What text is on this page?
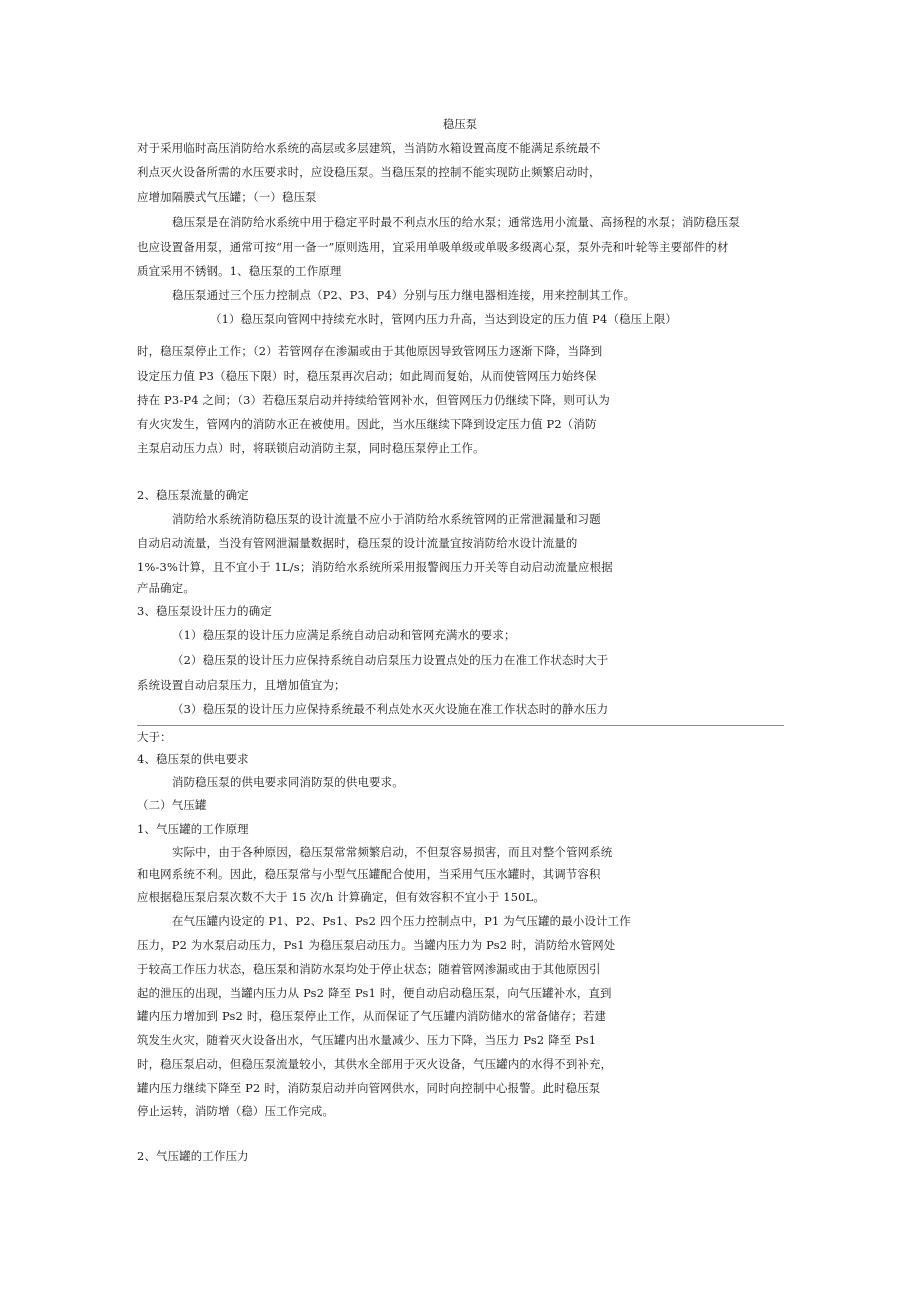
稳压泵
对于采用临时高压消防给水系统的高层或多层建筑，当消防水箱设置高度不能满足系统最不
利点灭火设备所需的水压要求时，应设稳压泵。当稳压泵的控制不能实现防止频繁启动时，
应增加隔膜式气压罐；（一）稳压泵
稳压泵是在消防给水系统中用于稳定平时最不利点水压的给水泵；通常选用小流量、高扬程的水泵；消防稳压泵
也应设置备用泵，通常可按“用一备一”原则选用，宜采用单吸单级或单吸多级离心泵，泵外壳和叶轮等主要部件的材
质宜采用不锈钢。1、稳压泵的工作原理
稳压泵通过三个压力控制点（P2、P3、P4）分别与压力继电器相连接，用来控制其工作。
（1）稳压泵向管网中持续充水时，管网内压力升高，当达到设定的压力值 P4（稳压上限）
时，稳压泵停止工作；（2）若管网存在渗漏或由于其他原因导致管网压力逐渐下降，当降到
设定压力值 P3（稳压下限）时，稳压泵再次启动；如此周而复始，从而使管网压力始终保
持在 P3-P4 之间；（3）若稳压泵启动并持续给管网补水，但管网压力仍继续下降，则可认为
有火灾发生，管网内的消防水正在被使用。因此，当水压继续下降到设定压力值 P2（消防
主泵启动压力点）时，将联锁启动消防主泵，同时稳压泵停止工作。
2、稳压泵流量的确定
消防给水系统消防稳压泵的设计流量不应小于消防给水系统管网的正常泄漏量和习题
自动启动流量，当没有管网泄漏量数据时，稳压泵的设计流量宜按消防给水设计流量的
1%-3%计算，且不宜小于 1L/s；消防给水系统所采用报警阀压力开关等自动启动流量应根据
产品确定。
3、稳压泵设计压力的确定
（1）稳压泵的设计压力应满足系统自动启动和管网充满水的要求；
（2）稳压泵的设计压力应保持系统自动启泵压力设置点处的压力在准工作状态时大于
系统设置自动启泵压力，且增加值宜为；
（3）稳压泵的设计压力应保持系统最不利点处水灭火设施在准工作状态时的静水压力
大于：
4、稳压泵的供电要求
消防稳压泵的供电要求同消防泵的供电要求。
（二）气压罐
1、气压罐的工作原理
实际中，由于各种原因，稳压泵常常频繁启动，不但泵容易损害，而且对整个管网系统
和电网系统不利。因此，稳压泵常与小型气压罐配合使用，当采用气压水罐时，其调节容积
应根据稳压泵启泵次数不大于 15 次/h 计算确定，但有效容积不宜小于 150L。
在气压罐内设定的 P1、P2、Ps1、Ps2 四个压力控制点中，P1 为气压罐的最小设计工作
压力，P2 为水泵启动压力，Ps1 为稳压泵启动压力。当罐内压力为 Ps2 时，消防给水管网处
于较高工作压力状态，稳压泵和消防水泵均处于停止状态；随着管网渗漏或由于其他原因引
起的泄压的出现，当罐内压力从 Ps2 降至 Ps1 时，便自动启动稳压泵，向气压罐补水，直到
罐内压力增加到 Ps2 时，稳压泵停止工作，从而保证了气压罐内消防储水的常备储存；若建
筑发生火灾，随着灭火设备出水，气压罐内出水量减少、压力下降，当压力 Ps2 降至 Ps1
时，稳压泵启动，但稳压泵流量较小，其供水全部用于灭火设备，气压罐内的水得不到补充，
罐内压力继续下降至 P2 时，消防泵启动并向管网供水，同时向控制中心报警。此时稳压泵
停止运转，消防增（稳）压工作完成。
2、气压罐的工作压力
